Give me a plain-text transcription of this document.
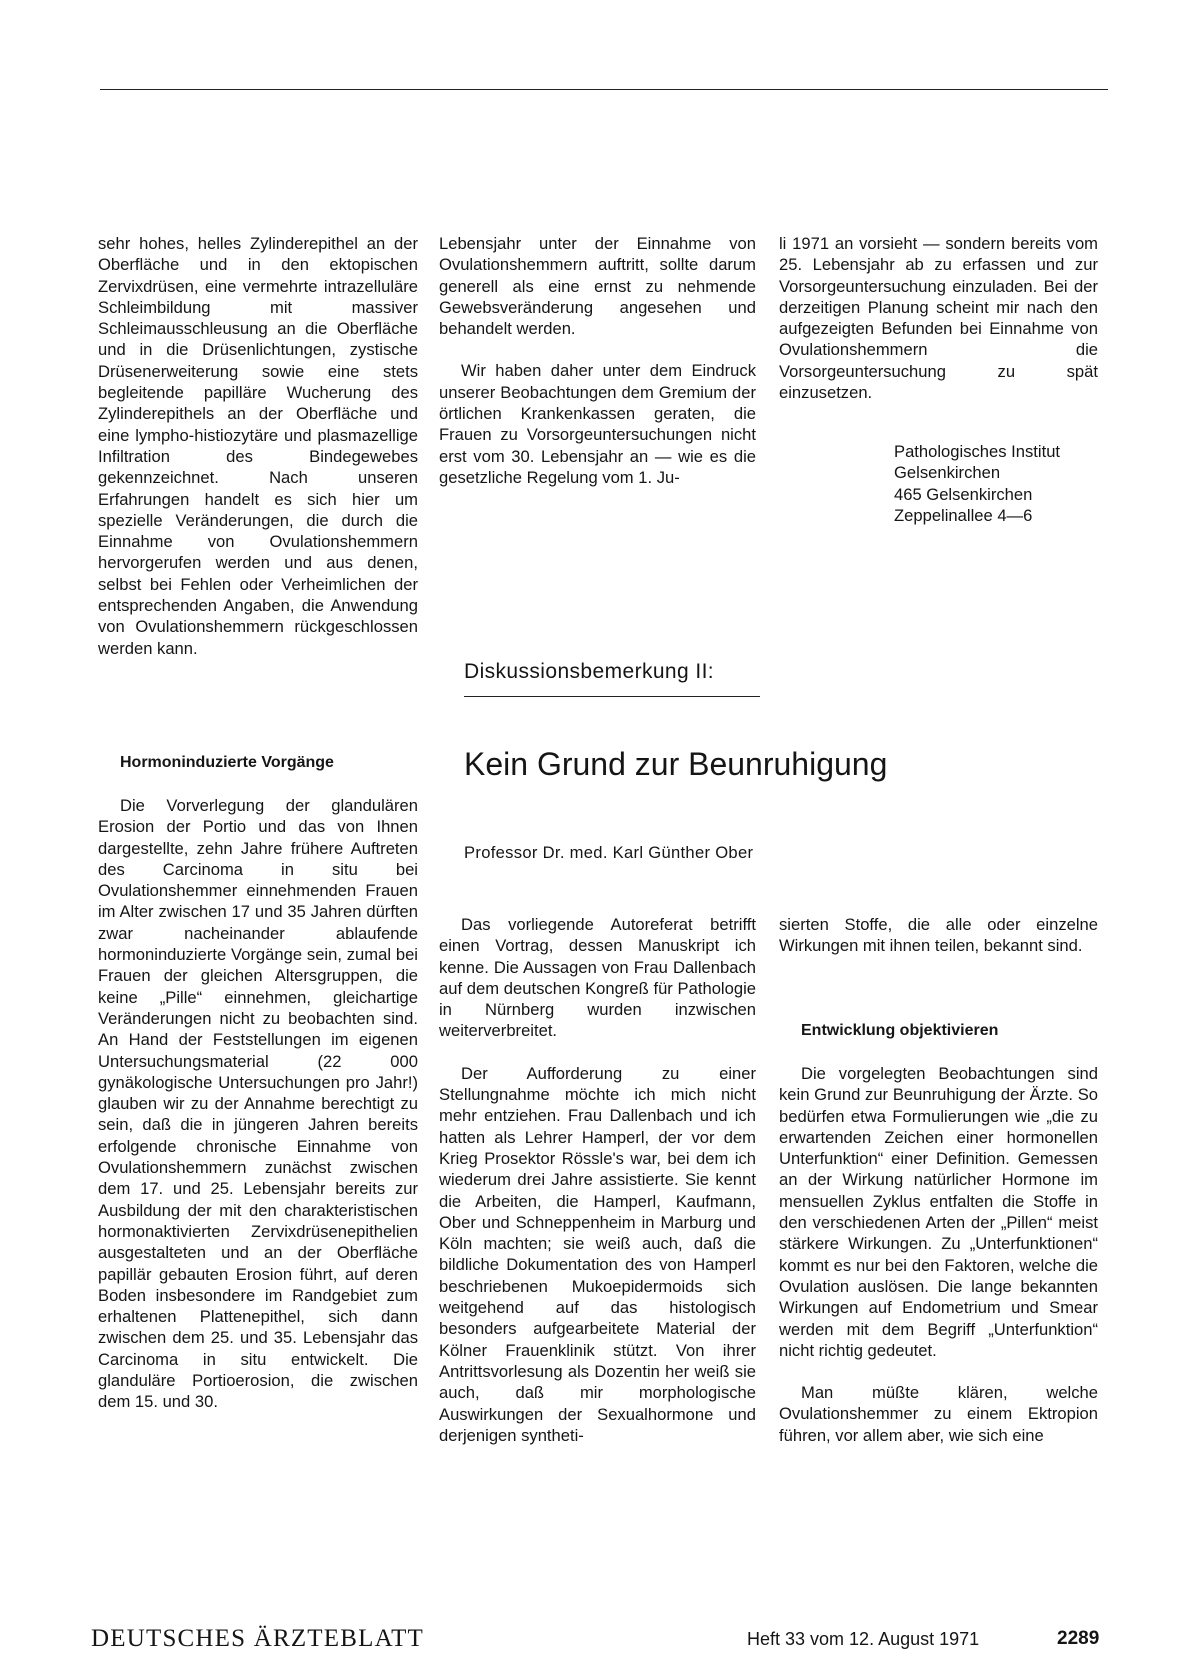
sehr hohes, helles Zylinderepithel an der Oberfläche und in den ektopischen Zervixdrüsen, eine vermehrte intrazelluläre Schleimbildung mit massiver Schleimausschleusung an die Oberfläche und in die Drüsenlichtungen, zystische Drüsenerweiterung sowie eine stets begleitende papilläre Wucherung des Zylinderepithels an der Oberfläche und eine lympho-histiozytäre und plasmazellige Infiltration des Bindegewebes gekennzeichnet. Nach unseren Erfahrungen handelt es sich hier um spezielle Veränderungen, die durch die Einnahme von Ovulationshemmern hervorgerufen werden und aus denen, selbst bei Fehlen oder Verheimlichen der entsprechenden Angaben, die Anwendung von Ovulationshemmern rückgeschlossen werden kann.

Hormoninduzierte Vorgänge

Die Vorverlegung der glandulären Erosion der Portio und das von Ihnen dargestellte, zehn Jahre frühere Auftreten des Carcinoma in situ bei Ovulationshemmer einnehmenden Frauen im Alter zwischen 17 und 35 Jahren dürften zwar nacheinander ablaufende hormoninduzierte Vorgänge sein, zumal bei Frauen der gleichen Altersgruppen, die keine „Pille“ einnehmen, gleichartige Veränderungen nicht zu beobachten sind. An Hand der Feststellungen im eigenen Untersuchungsmaterial (22 000 gynäkologische Untersuchungen pro Jahr!) glauben wir zu der Annahme berechtigt zu sein, daß die in jüngeren Jahren bereits erfolgende chronische Einnahme von Ovulationshemmern zunächst zwischen dem 17. und 25. Lebensjahr bereits zur Ausbildung der mit den charakteristischen hormonaktivierten Zervixdrüsenepithelien ausgestalteten und an der Oberfläche papillär gebauten Erosion führt, auf deren Boden insbesondere im Randgebiet zum erhaltenen Plattenepithel, sich dann zwischen dem 25. und 35. Lebensjahr das Carcinoma in situ entwickelt. Die glanduläre Portioerosion, die zwischen dem 15. und 30.

Lebensjahr unter der Einnahme von Ovulationshemmern auftritt, sollte darum generell als eine ernst zu nehmende Gewebsveränderung angesehen und behandelt werden.

Wir haben daher unter dem Eindruck unserer Beobachtungen dem Gremium der örtlichen Krankenkassen geraten, die Frauen zu Vorsorgeuntersuchungen nicht erst vom 30. Lebensjahr an — wie es die gesetzliche Regelung vom 1. Ju-

li 1971 an vorsieht — sondern bereits vom 25. Lebensjahr ab zu erfassen und zur Vorsorgeuntersuchung einzuladen. Bei der derzeitigen Planung scheint mir nach den aufgezeigten Befunden bei Einnahme von Ovulationshemmern die Vorsorgeuntersuchung zu spät einzusetzen.

Pathologisches Institut
Gelsenkirchen
465 Gelsenkirchen
Zeppelinallee 4—6
Diskussionsbemerkung II:
Kein Grund zur Beunruhigung
Professor Dr. med. Karl Günther Ober

Das vorliegende Autoreferat betrifft einen Vortrag, dessen Manuskript ich kenne. Die Aussagen von Frau Dallenbach auf dem deutschen Kongreß für Pathologie in Nürnberg wurden inzwischen weiterverbreitet.

Der Aufforderung zu einer Stellungnahme möchte ich mich nicht mehr entziehen. Frau Dallenbach und ich hatten als Lehrer Hamperl, der vor dem Krieg Prosektor Rössle's war, bei dem ich wiederum drei Jahre assistierte. Sie kennt die Arbeiten, die Hamperl, Kaufmann, Ober und Schneppenheim in Marburg und Köln machten; sie weiß auch, daß die bildliche Dokumentation des von Hamperl beschriebenen Mukoepidermoids sich weitgehend auf das histologisch besonders aufgearbeitete Material der Kölner Frauenklinik stützt. Von ihrer Antrittsvorlesung als Dozentin her weiß sie auch, daß mir morphologische Auswirkungen der Sexualhormone und derjenigen syntheti-

sierten Stoffe, die alle oder einzelne Wirkungen mit ihnen teilen, bekannt sind.

Entwicklung objektivieren

Die vorgelegten Beobachtungen sind kein Grund zur Beunruhigung der Ärzte. So bedürfen etwa Formulierungen wie „die zu erwartenden Zeichen einer hormonellen Unterfunktion“ einer Definition. Gemessen an der Wirkung natürlicher Hormone im mensuellen Zyklus entfalten die Stoffe in den verschiedenen Arten der „Pillen“ meist stärkere Wirkungen. Zu „Unterfunktionen“ kommt es nur bei den Faktoren, welche die Ovulation auslösen. Die lange bekannten Wirkungen auf Endometrium und Smear werden mit dem Begriff „Unterfunktion“ nicht richtig gedeutet.

Man müßte klären, welche Ovulationshemmer zu einem Ektropion führen, vor allem aber, wie sich eine

DEUTSCHES ÄRZTEBLATT	Heft 33 vom 12. August 1971	2289
